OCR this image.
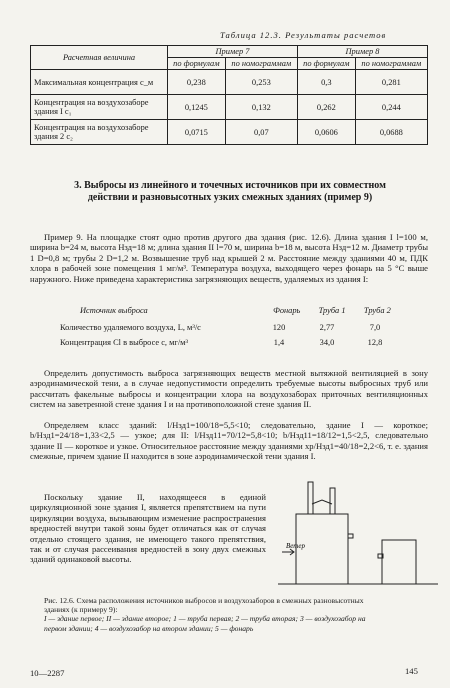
Таблица 12.3. Результаты расчетов
Расчетная величина	Пример 7		Пример 8	
	по формулам	по номограммам	по формулам	по номограммам
Максимальная концентрация c_м	0,238	0,253	0,3	0,281
Концентрация на воздухозаборе здания I c₁	0,1245	0,132	0,262	0,244
Концентрация на воздухозаборе здания 2 c₂	0,0715	0,07	0,0606	0,0688
3. Выбросы из линейного и точечных источников при их совместном действии и разновысотных узких смежных зданиях (пример 9)
Пример 9. На площадке стоят одно против другого два здания (рис. 12.6). Длина здания I l=100 м, ширина b=24 м, высота Hзд=18 м; длина здания II l=70 м, ширина b=18 м, высота Hзд=12 м. Диаметр трубы 1 D=0,8 м; трубы 2 D=1,2 м. Возвышение труб над крышей 2 м. Расстояние между зданиями 40 м, ПДК хлора в рабочей зоне помещения 1 мг/м³. Температура воздуха, выходящего через фонарь на 5 °С выше наружного. Ниже приведена характеристика загрязняющих веществ, удаляемых из здания I:
Источник выброса	Фонарь	Труба 1	Труба 2
Количество удаляемого воздуха, L, м³/с	120	2,77	7,0
Концентрация Cl в выбросе c, мг/м³	1,4	34,0	12,8
Определить допустимость выброса загрязняющих веществ местной вытяжной вентиляцией в зону аэродинамической тени, а в случае недопустимости определить требуемые высоты выбросных труб или рассчитать факельные выбросы и концентрации хлора на воздухозаборах приточных вентиляционных систем на заветренной стене здания I и на противоположной стене здания II.
Определяем класс зданий: l/Hзд1=100/18=5,5<10; следовательно, здание I — короткое; b/Hзд1=24/18=1,33<2,5 — узкое; для II: l/Hзд11=70/12=5,8<10; b/Hзд11=18/12=1,5<2,5, следовательно здание II — короткое и узкое. Относительное расстояние между зданиями xp/Hзд1=40/18=2,2<6, т. е. здания смежные, причем здание II находится в зоне аэродинамической тени здания I.
Поскольку здание II, находящееся в единой циркуляционной зоне здания I, является препятствием на пути циркуляции воздуха, вызывающим изменение распространения вредностей внутри такой зоны будет отличаться как от случая отдельно стоящего здания, не имеющего такого препятствия, так и от случая рассеивания вредностей в зону двух смежных зданий одинаковой высоты.
Ветер
Рис. 12.6. Схема расположения источников выбросов и воздухозаборов в смежных разновысотных зданиях (к примеру 9):
I — здание первое; II — здание второе; 1 — труба первая; 2 — труба вторая; 3 — воздухозабор на первом здании; 4 — воздухозабор на втором здании; 5 — фонарь
10—2287	145
